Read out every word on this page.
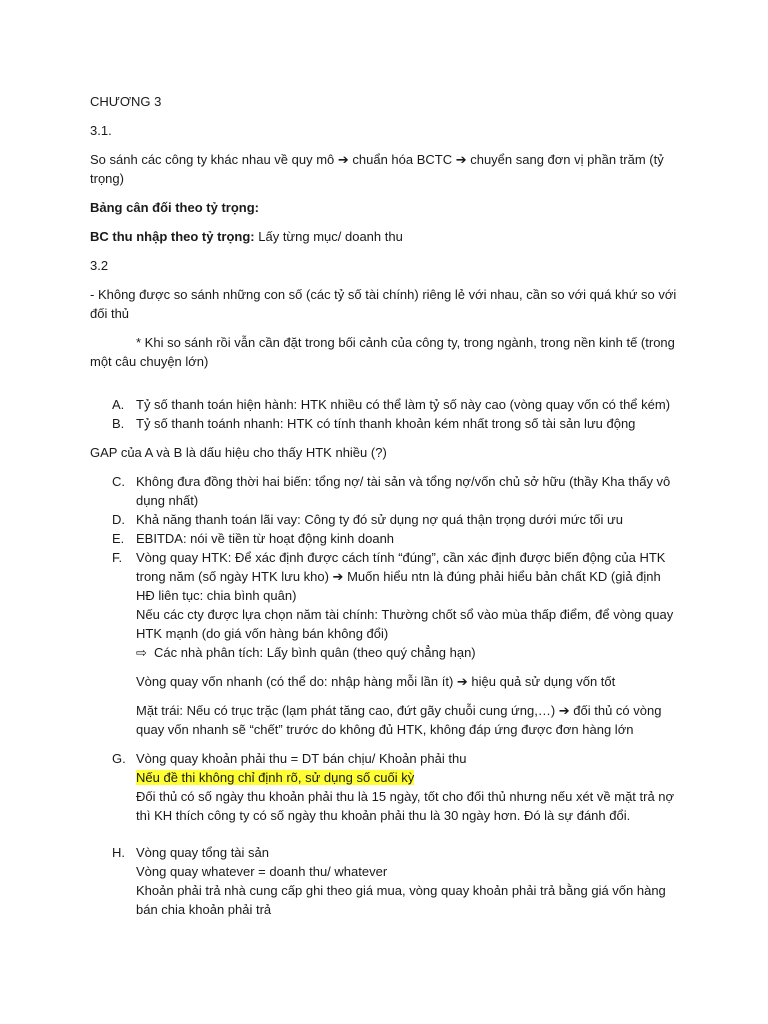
CHƯƠNG 3

3.1.

So sánh các công ty khác nhau về quy mô ➔ chuẩn hóa BCTC ➔ chuyển sang đơn vị phần trăm (tỷ trọng)

Bảng cân đối theo tỷ trọng:

BC thu nhập theo tỷ trọng: Lấy từng mục/ doanh thu

3.2

- Không được so sánh những con số (các tỷ số tài chính) riêng lẻ với nhau, cần so với quá khứ so với đối thủ

* Khi so sánh rồi vẫn cần đặt trong bối cảnh của công ty, trong ngành, trong nền kinh tế (trong một câu chuyện lớn)

A. Tỷ số thanh toán hiện hành: HTK nhiều có thể làm tỷ số này cao (vòng quay vốn có thể kém)
B. Tỷ số thanh toánh nhanh: HTK có tính thanh khoản kém nhất trong số tài sản lưu động

GAP của A và B là dấu hiệu cho thấy HTK nhiều (?)

C. Không đưa đồng thời hai biến: tổng nợ/ tài sản và tổng nợ/vốn chủ sở hữu (thầy Kha thấy vô dụng nhất)

D. Khả năng thanh toán lãi vay: Công ty đó sử dụng nợ quá thận trọng dưới mức tối ưu

E. EBITDA: nói về tiền từ hoạt động kinh doanh

F. Vòng quay HTK: Để xác định được cách tính “đúng”, cần xác định được biến động của HTK trong năm (số ngày HTK lưu kho) ➔ Muốn hiểu ntn là đúng phải hiểu bản chất KD (giả định HĐ liên tục: chia bình quân)

Nếu các cty được lựa chọn năm tài chính: Thường chốt sổ vào mùa thấp điểm, để vòng quay HTK mạnh (do giá vốn hàng bán không đổi)

⇨ Các nhà phân tích: Lấy bình quân (theo quý chẳng hạn)

Vòng quay vốn nhanh (có thể do: nhập hàng mỗi lần ít) ➔ hiệu quả sử dụng vốn tốt

Mặt trái: Nếu có trục trặc (lạm phát tăng cao, đứt gãy chuỗi cung ứng,…) ➔ đối thủ có vòng quay vốn nhanh sẽ “chết” trước do không đủ HTK, không đáp ứng được đơn hàng lớn

G. Vòng quay khoản phải thu = DT bán chịu/ Khoản phải thu

Nếu đề thi không chỉ định rõ, sử dụng số cuối kỳ

Đối thủ có số ngày thu khoản phải thu là 15 ngày, tốt cho đối thủ nhưng nếu xét về mặt trả nợ thì KH thích công ty có số ngày thu khoản phải thu là 30 ngày hơn. Đó là sự đánh đổi.

H. Vòng quay tổng tài sản

Vòng quay whatever = doanh thu/ whatever

Khoản phải trả nhà cung cấp ghi theo giá mua, vòng quay khoản phải trả bằng giá vốn hàng bán chia khoản phải trả
